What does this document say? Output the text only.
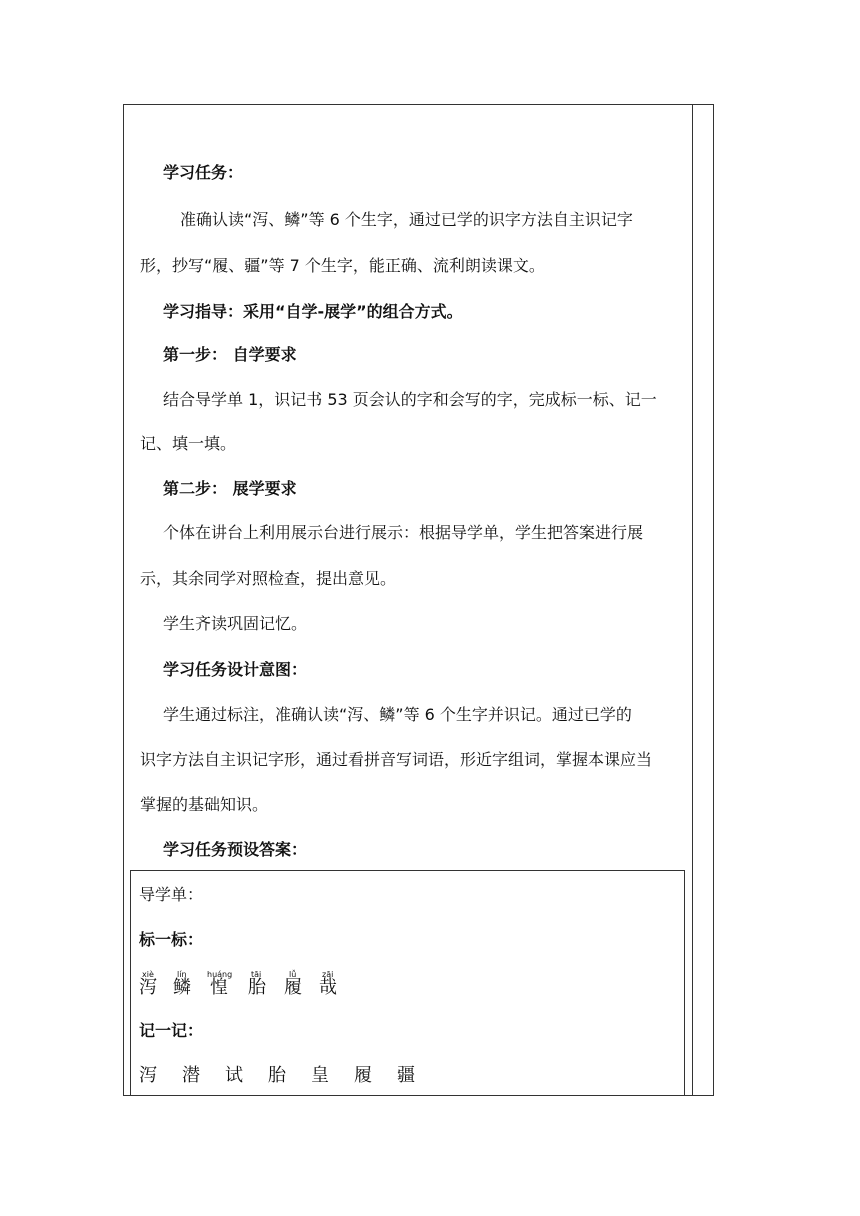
学习任务：
准确认读“泻、鳞”等 6 个生字，通过已学的识字方法自主识记字
形，抄写“履、疆”等 7 个生字，能正确、流利朗读课文。
学习指导：采用“自学-展学”的组合方式。
第一步： 自学要求
结合导学单 1，识记书 53 页会认的字和会写的字，完成标一标、记一
记、填一填。
第二步： 展学要求
个体在讲台上利用展示台进行展示：根据导学单，学生把答案进行展
示，其余同学对照检查，提出意见。
学生齐读巩固记忆。
学习任务设计意图：
学生通过标注，准确认读“泻、鳞”等 6 个生字并识记。通过已学的
识字方法自主识记字形，通过看拼音写词语，形近字组词，掌握本课应当
掌握的基础知识。
学习任务预设答案：
导学单：
标一标：
xiè
泻
lín
鳞
huáng
惶
tāi
胎
lǚ
履
zāi
哉
记一记：
泻 潜 试 胎 皇 履 疆
